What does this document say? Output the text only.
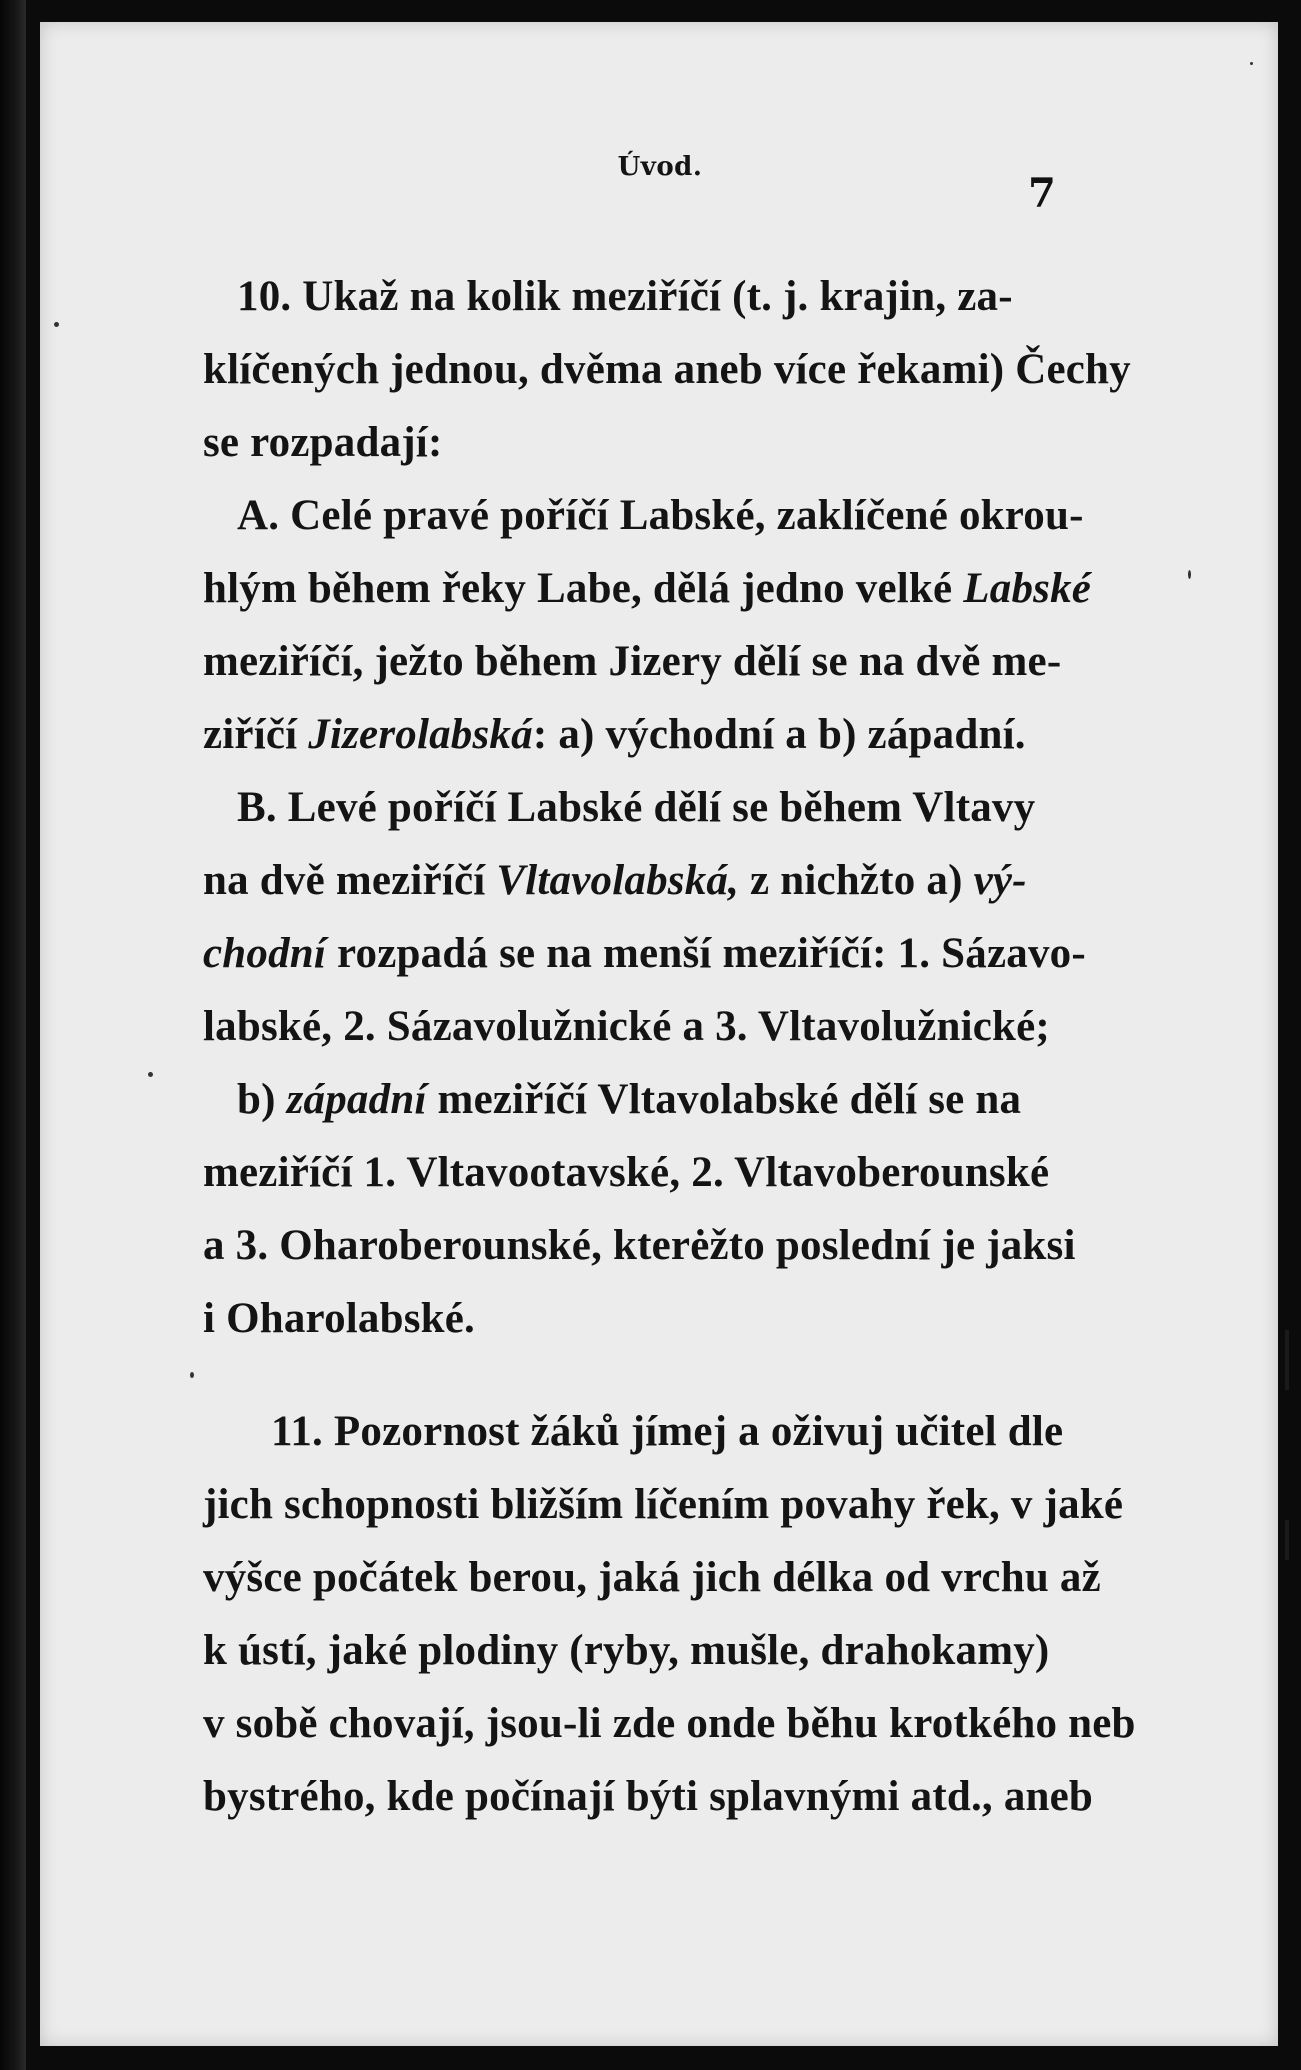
Úvod.
7
10. Ukaž na kolik meziříčí (t. j. krajin, za-
klíčených jednou, dvěma aneb více řekami) Čechy
se rozpadají:
A. Celé pravé poříčí Labské, zaklíčené okrou-
hlým během řeky Labe, dělá jedno velké Labské
meziříčí, ježto během Jizery dělí se na dvě me-
ziříčí Jizerolabská: a) východní a b) západní.
B. Levé poříčí Labské dělí se během Vltavy
na dvě meziříčí Vltavolabská, z nichžto a) vý-
chodní rozpadá se na menší meziříčí: 1. Sázavo-
labské, 2. Sázavolužnické a 3. Vltavolužnické;
b) západní meziříčí Vltavolabské dělí se na
meziříčí 1. Vltavootavské, 2. Vltavoberounské
a 3. Oharoberounské, kterėžto poslední je jaksi
i Oharolabské.
11. Pozornost žáků jímej a oživuj učitel dle
jich schopnosti bližším líčením povahy řek, v jaké
výšce počátek berou, jaká jich délka od vrchu až
k ústí, jaké plodiny (ryby, mušle, drahokamy)
v sobě chovají, jsou-li zde onde běhu krotkého neb
bystrého, kde počínají býti splavnými atd., aneb
